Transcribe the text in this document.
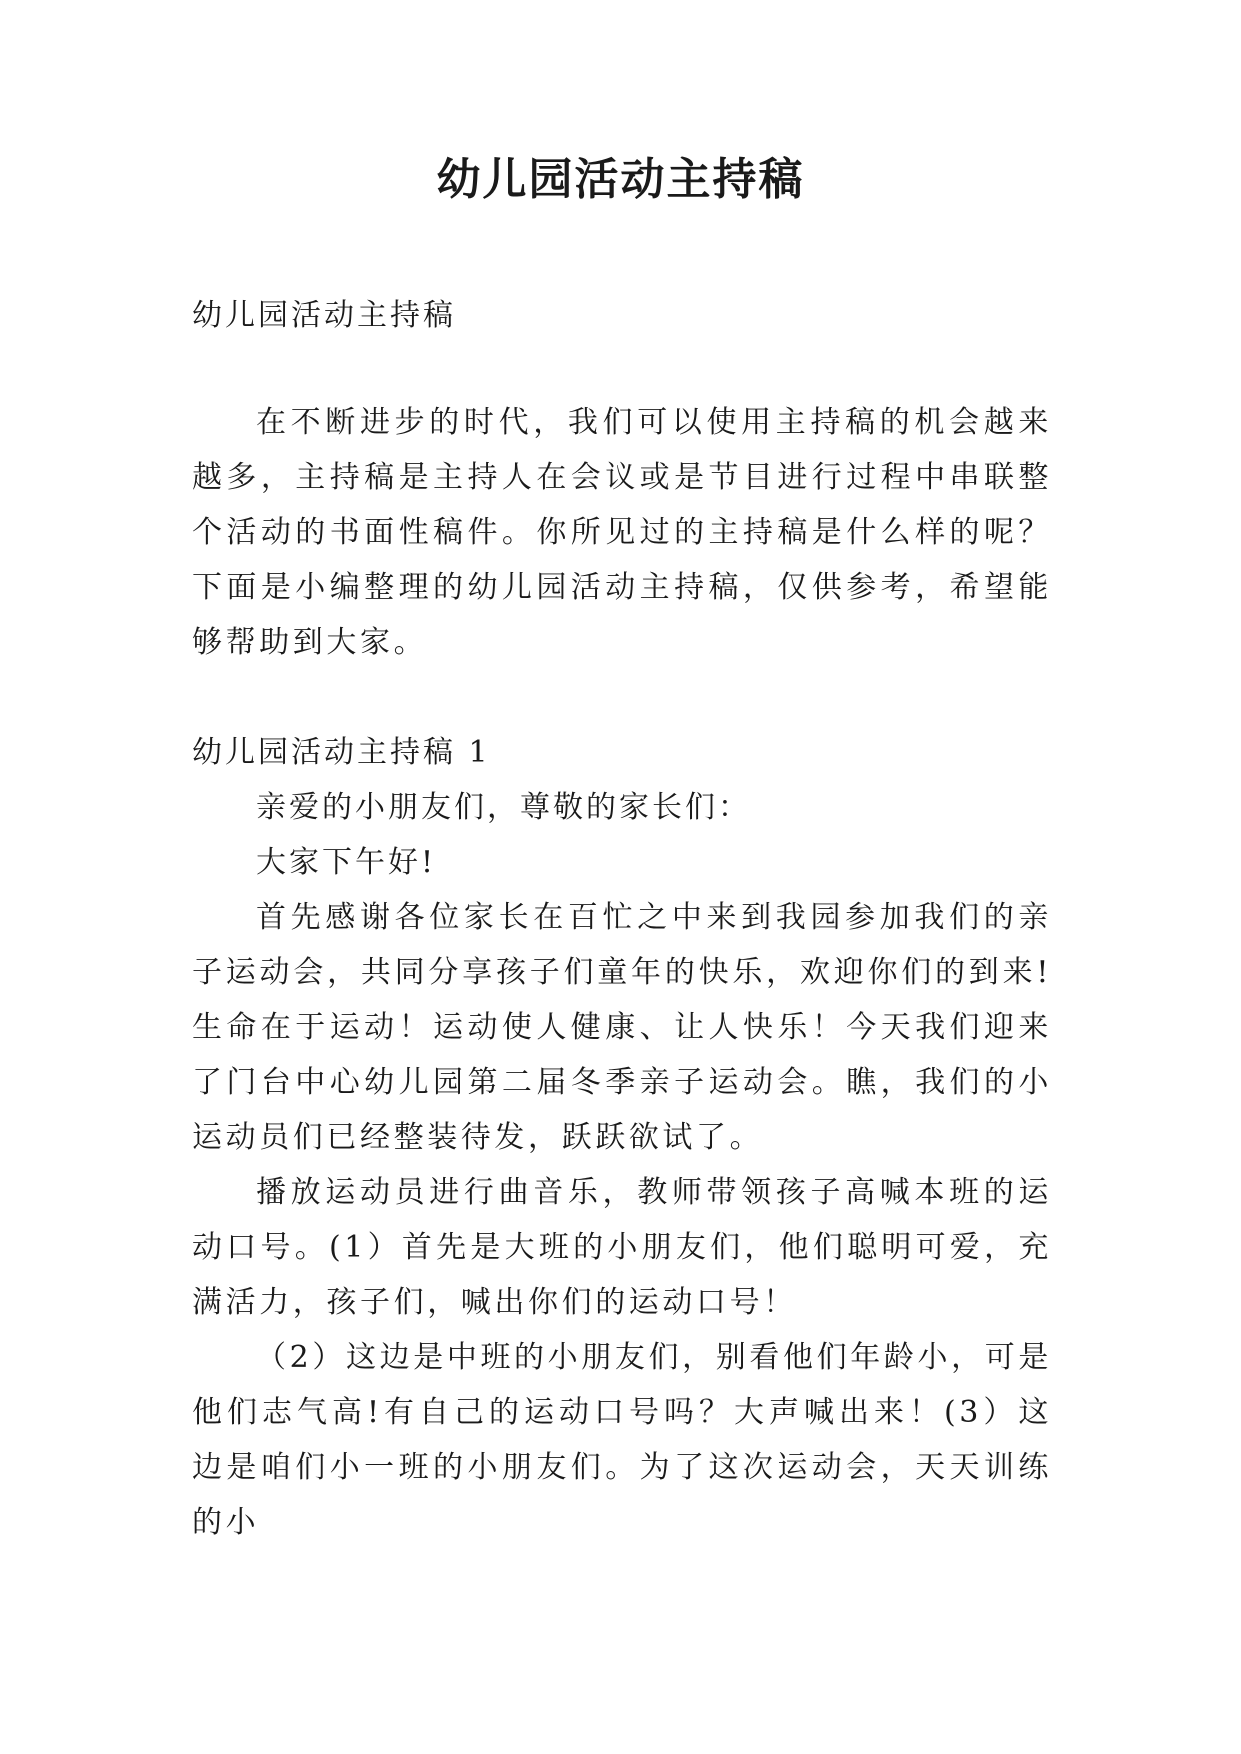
幼儿园活动主持稿

幼儿园活动主持稿

在不断进步的时代，我们可以使用主持稿的机会越来越多，主持稿是主持人在会议或是节目进行过程中串联整个活动的书面性稿件。你所见过的主持稿是什么样的呢？下面是小编整理的幼儿园活动主持稿，仅供参考，希望能够帮助到大家。

幼儿园活动主持稿 1

亲爱的小朋友们，尊敬的家长们：

大家下午好!

首先感谢各位家长在百忙之中来到我园参加我们的亲子运动会，共同分享孩子们童年的快乐，欢迎你们的到来!生命在于运动！运动使人健康、让人快乐！今天我们迎来了门台中心幼儿园第二届冬季亲子运动会。瞧，我们的小运动员们已经整装待发，跃跃欲试了。

播放运动员进行曲音乐，教师带领孩子高喊本班的运动口号。(1）首先是大班的小朋友们，他们聪明可爱，充满活力，孩子们，喊出你们的运动口号！

（2）这边是中班的小朋友们，别看他们年龄小，可是他们志气高!有自己的运动口号吗？大声喊出来！(3）这边是咱们小一班的小朋友们。为了这次运动会，天天训练的小
